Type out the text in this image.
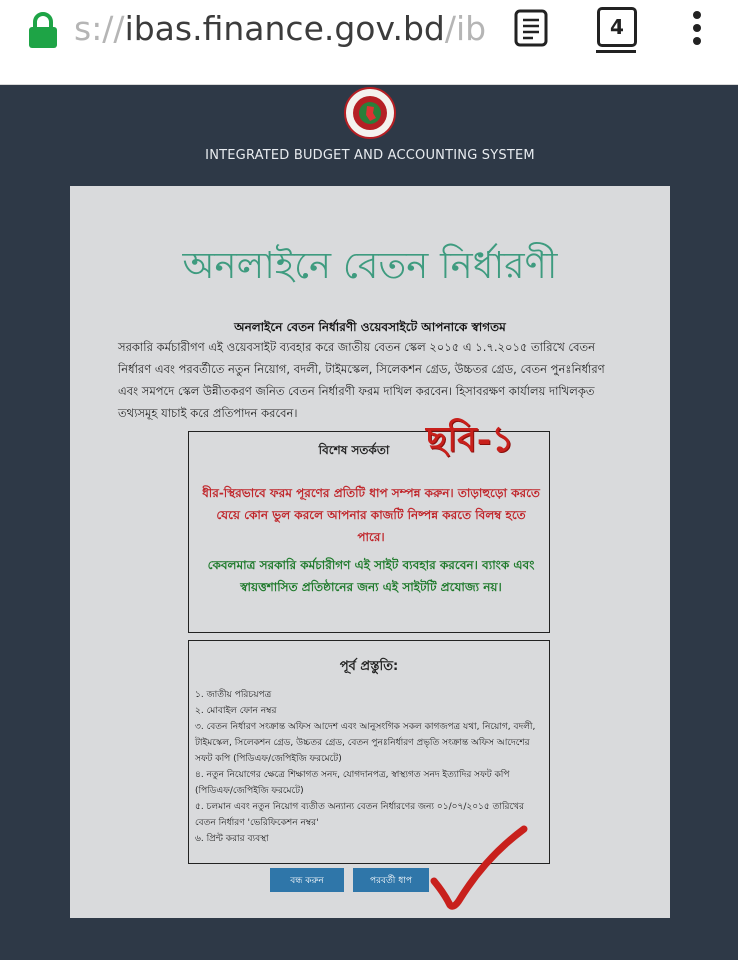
s://ibas.finance.gov.bd/ib	4
INTEGRATED BUDGET AND ACCOUNTING SYSTEM
অনলাইনে বেতন নির্ধারণী
অনলাইনে বেতন নির্ধারণী ওয়েবসাইটে আপনাকে স্বাগতম
সরকারি কর্মচারীগণ এই ওয়েবসাইট ব্যবহার করে জাতীয় বেতন স্কেল ২০১৫ এ ১.৭.২০১৫ তারিখে বেতন নির্ধারণ এবং পরবর্তীতে নতুন নিয়োগ, বদলী, টাইমস্কেল, সিলেকশন গ্রেড, উচ্চতর গ্রেড, বেতন পুনঃনির্ধারণ এবং সমপদে স্কেল উন্নীতকরণ জনিত বেতন নির্ধারণী ফরম দাখিল করবেন। হিসাবরক্ষণ কার্যালয় দাখিলকৃত তথ্যসমূহ যাচাই করে প্রতিপাদন করবেন।
বিশেষ সতর্কতা
ধীর-স্থিরভাবে ফরম পূরণের প্রতিটি ধাপ সম্পন্ন করুন। তাড়াহুড়ো করতে যেয়ে কোন ভুল করলে আপনার কাজটি নিষ্পন্ন করতে বিলম্ব হতে পারে।
কেবলমাত্র সরকারি কর্মচারীগণ এই সাইট ব্যবহার করবেন। ব্যাংক এবং স্বায়ত্তশাসিত প্রতিষ্ঠানের জন্য এই সাইটটি প্রযোজ্য নয়।
ছবি-১
পূর্ব প্রস্তুতি:
১. জাতীয় পরিচয়পত্র
২. মোবাইল ফোন নম্বর
৩. বেতন নির্ধারণ সংক্রান্ত অফিস আদেশ এবং আনুসংগিক সকল কাগজপত্র যথা, নিয়োগ, বদলী, টাইমস্কেল, সিলেকশন গ্রেড, উচ্চতর গ্রেড, বেতন পুনঃনির্ধারণ প্রভৃতি সংক্রান্ত অফিস আদেশের সফট কপি (পিডিএফ/জেপিইজি ফরমেটে)
৪. নতুন নিয়োগের ক্ষেত্রে শিক্ষাগত সনদ, যোগদানপত্র, স্বাস্থ্যগত সনদ ইত্যাদির সফট কপি (পিডিএফ/জেপিইজি ফরমেটে)
৫. চলমান এবং নতুন নিয়োগ ব্যতীত অন্যান্য বেতন নির্ধারণের জন্য ০১/০৭/২০১৫ তারিখের বেতন নির্ধারণ 'ভেরিফিকেশন নম্বর'
৬. প্রিন্ট করার ব্যবস্থা
বন্ধ করুন	পরবর্তী ধাপ
